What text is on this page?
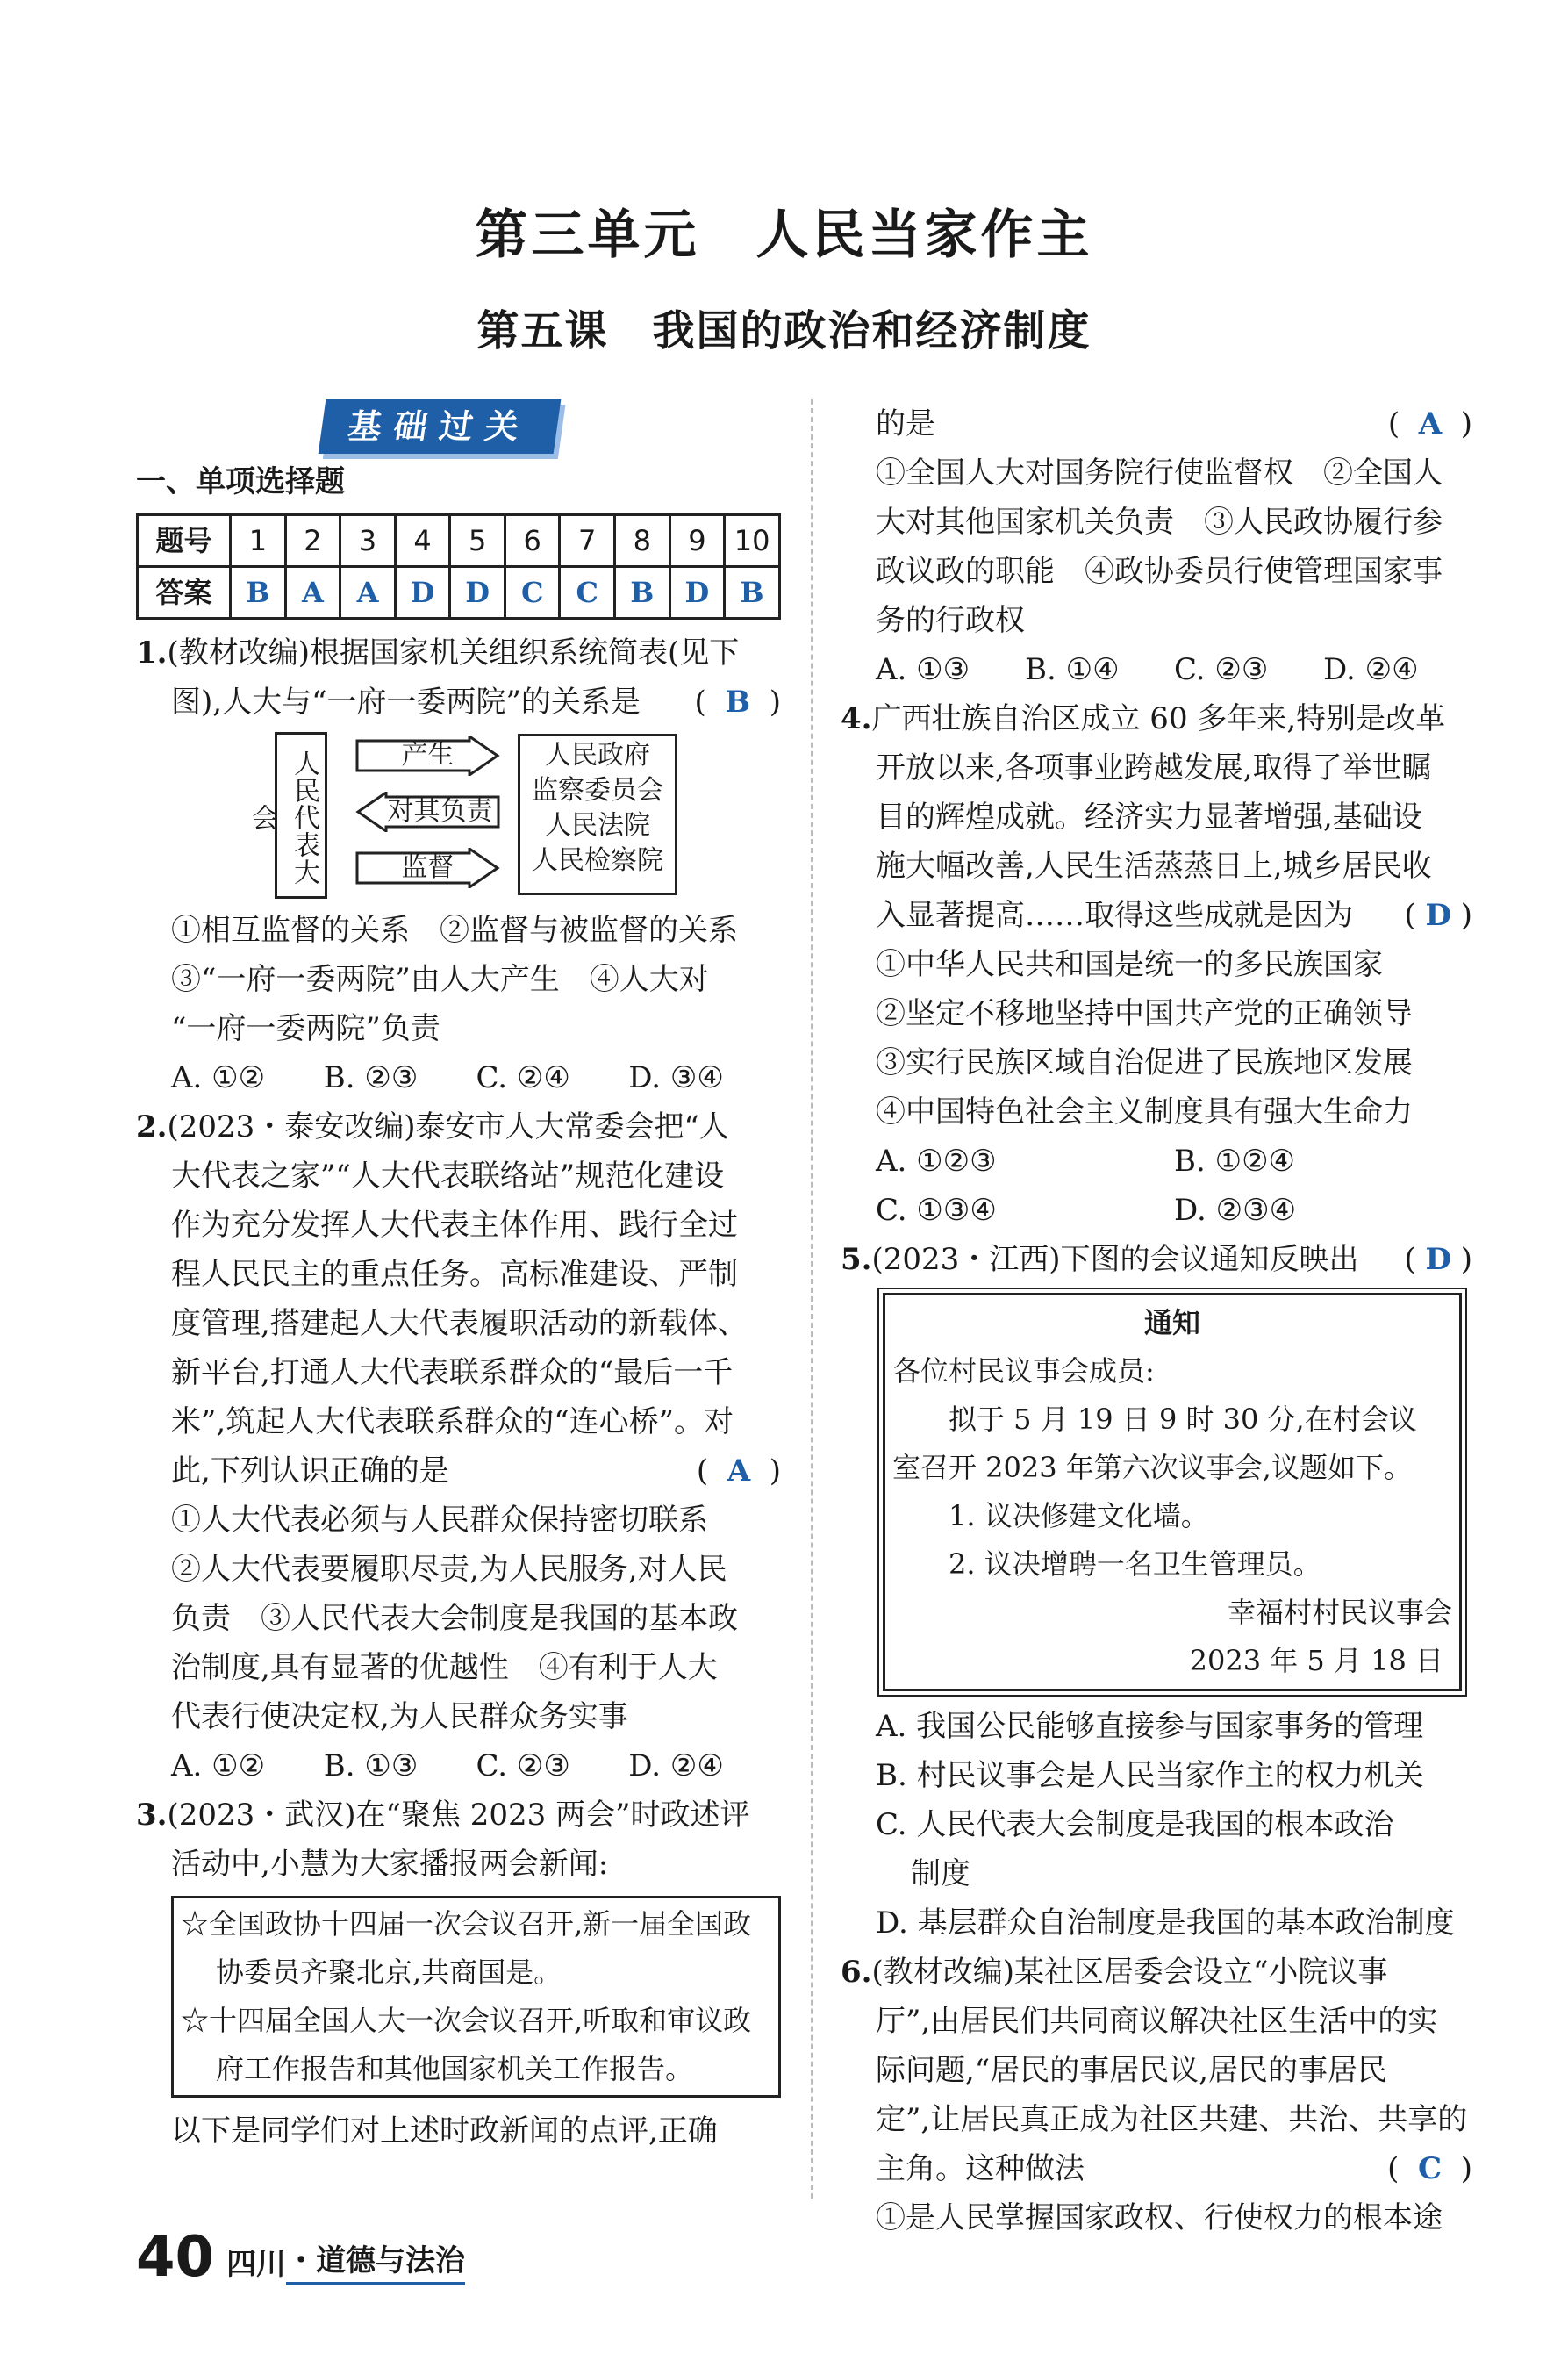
第三单元　人民当家作主
第五课　我国的政治和经济制度
基础过关
一、单项选择题
题号	1	2	3	4	5	6	7	8	9	10
答案	B	A	A	D	D	C	C	B	D	B
1.(教材改编)根据国家机关组织系统简表(见下
图),人大与“一府一委两院”的关系是 (  B  )
人民代表大会
产生
对其负责
监督
人民政府
监察委员会
人民法院
人民检察院
①相互监督的关系　②监督与被监督的关系
③“一府一委两院”由人大产生　④人大对
“一府一委两院”负责
A. ①②	B. ②③	C. ②④	D. ③④
2.(2023・泰安改编)泰安市人大常委会把“人
大代表之家”“人大代表联络站”规范化建设
作为充分发挥人大代表主体作用、践行全过
程人民民主的重点任务。高标准建设、严制
度管理,搭建起人大代表履职活动的新载体、
新平台,打通人大代表联系群众的“最后一千
米”,筑起人大代表联系群众的“连心桥”。对
此,下列认识正确的是	(  A  )
①人大代表必须与人民群众保持密切联系
②人大代表要履职尽责,为人民服务,对人民
负责　③人民代表大会制度是我国的基本政
治制度,具有显著的优越性　④有利于人大
代表行使决定权,为人民群众务实事
A. ①②	B. ①③	C. ②③	D. ②④
3.(2023・武汉)在“聚焦 2023 两会”时政述评
活动中,小慧为大家播报两会新闻:
☆全国政协十四届一次会议召开,新一届全国政协委员齐聚北京,共商国是。
☆十四届全国人大一次会议召开,听取和审议政府工作报告和其他国家机关工作报告。
以下是同学们对上述时政新闻的点评,正确
的是	(  A  )
①全国人大对国务院行使监督权　②全国人
大对其他国家机关负责　③人民政协履行参
政议政的职能　④政协委员行使管理国家事
务的行政权
A. ①③	B. ①④	C. ②③	D. ②④
4.广西壮族自治区成立 60 多年来,特别是改革
开放以来,各项事业跨越发展,取得了举世瞩
目的辉煌成就。经济实力显著增强,基础设
施大幅改善,人民生活蒸蒸日上,城乡居民收
入显著提高……取得这些成就是因为 ( D )
①中华人民共和国是统一的多民族国家
②坚定不移地坚持中国共产党的正确领导
③实行民族区域自治促进了民族地区发展
④中国特色社会主义制度具有强大生命力
A. ①②③	B. ①②④
C. ①③④	D. ②③④
5.(2023・江西)下图的会议通知反映出 ( D )
通知
各位村民议事会成员:
拟于 5 月 19 日 9 时 30 分,在村会议
室召开 2023 年第六次议事会,议题如下。
1. 议决修建文化墙。
2. 议决增聘一名卫生管理员。
幸福村村民议事会
2023 年 5 月 18 日
A. 我国公民能够直接参与国家事务的管理
B. 村民议事会是人民当家作主的权力机关
C. 人民代表大会制度是我国的根本政治
制度
D. 基层群众自治制度是我国的基本政治制度
6.(教材改编)某社区居委会设立“小院议事
厅”,由居民们共同商议解决社区生活中的实
际问题,“居民的事居民议,居民的事居民
定”,让居民真正成为社区共建、共治、共享的
主角。这种做法	(  C  )
①是人民掌握国家政权、行使权力的根本途
40 四川 ・ 道德与法治
